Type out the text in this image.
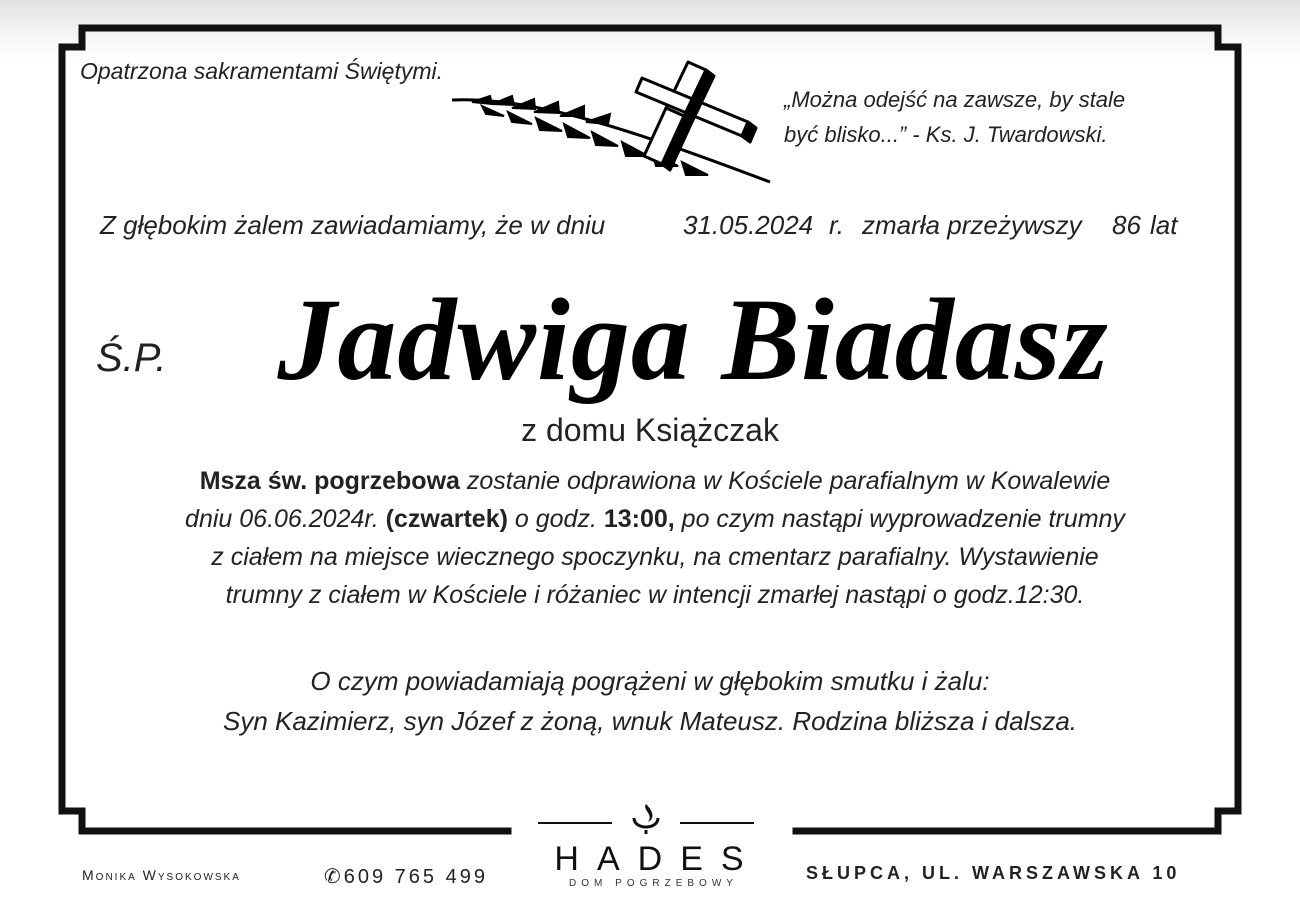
Opatrzona sakramentami Świętymi.
„Można odejść na zawsze, by stale
być blisko...” - Ks. J. Twardowski.
Z głębokim żalem zawiadamiamy, że w dniu	31.05.2024 r. zmarła przeżywszy 86 lat
Ś.P. Jadwiga Biadasz
z domu Książczak
Msza św. pogrzebowa zostanie odprawiona w Kościele parafialnym w Kowalewie
dniu 06.06.2024r. (czwartek) o godz. 13:00, po czym nastąpi wyprowadzenie trumny
z ciałem na miejsce wiecznego spoczynku, na cmentarz parafialny. Wystawienie
trumny z ciałem w Kościele i różaniec w intencji zmarłej nastąpi o godz.12:30.
O czym powiadamiają pogrążeni w głębokim smutku i żalu:
Syn Kazimierz, syn Józef z żoną, wnuk Mateusz. Rodzina bliższa i dalsza.
Monika Wysokowska	✆609 765 499	HADES
DOM POGRZEBOWY
SŁUPCA, UL. WARSZAWSKA 10
